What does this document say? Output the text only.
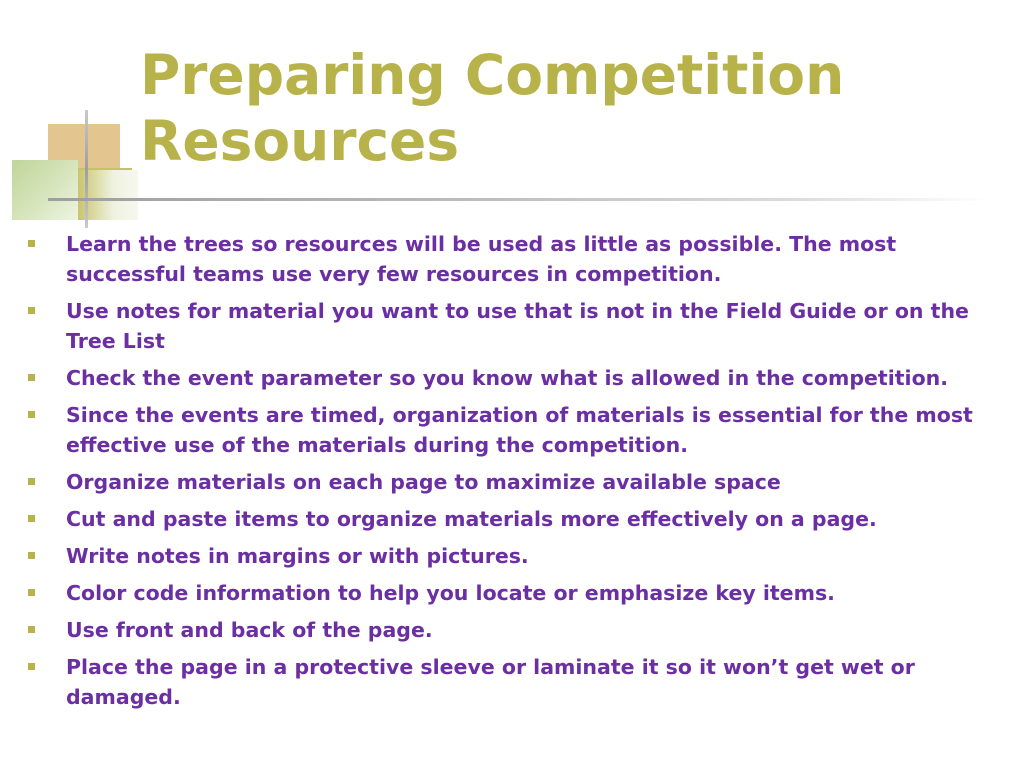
Preparing Competition Resources
Learn the trees so resources will be used as little as possible. The most successful teams use very few resources in competition.
Use notes for material you want to use that is not in the Field Guide or on the Tree List
Check the event parameter so you know what is allowed in the competition.
Since the events are timed, organization of materials is essential for the most effective use of the materials during the competition.
Organize materials on each page to maximize available space
Cut and paste items to organize materials more effectively on a page.
Write notes in margins or with pictures.
Color code information to help you locate or emphasize key items.
Use front and back of the page.
Place the page in a protective sleeve or laminate it so it won’t get wet or damaged.
